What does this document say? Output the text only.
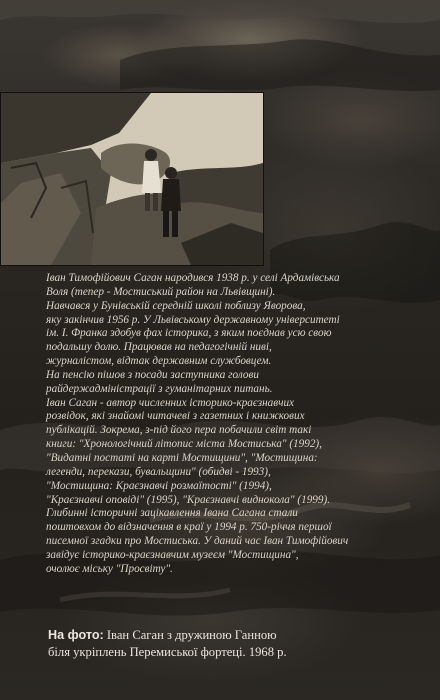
Іван Тимофійович Саган народився 1938 р. у селі Ардамівська
Воля (тепер - Мостиський район на Львівщині).
Навчався у Бунівській середній школі поблизу Яворова,
яку закінчив 1956 р. У Львівському державному університеті
ім. І. Франка здобув фах історика, з яким поєднав усю свою
подальшу долю. Працював на педагогічній ниві,
журналістом, відтак державним службовцем.
На пенсію пішов з посади заступника голови
райдержадміністрації з гуманітарних питань.
Іван Саган - автор численних історико-краєзнавчих
розвідок, які знайомі читачеві з газетних і книжкових
публікацій. Зокрема, з-під його пера побачили світ такі
книги: "Хронологічний літопис міста Мостиська" (1992),
"Видатні постаті на карті Мостищини", "Мостищина:
легенди, перекази, бувальщини" (обидві - 1993),
"Мостищина: Краєзнавчі розмаїтості" (1994),
"Краєзнавчі оповіді" (1995), "Краєзнавчі видноколa" (1999).
Глибинні історичні зацікавлення Івана Сагана стали
поштовхом до відзначення в краї у 1994 р. 750-річчя першої
писемної згадки про Мостиська. У даний час Іван Тимофійович
завідує історико-краєзнавчим музеєм "Мостищина",
очолює міську "Просвіту".
На фото: Іван Саган з дружиною Ганною
біля укріплень Перемиської фортеці. 1968 р.
